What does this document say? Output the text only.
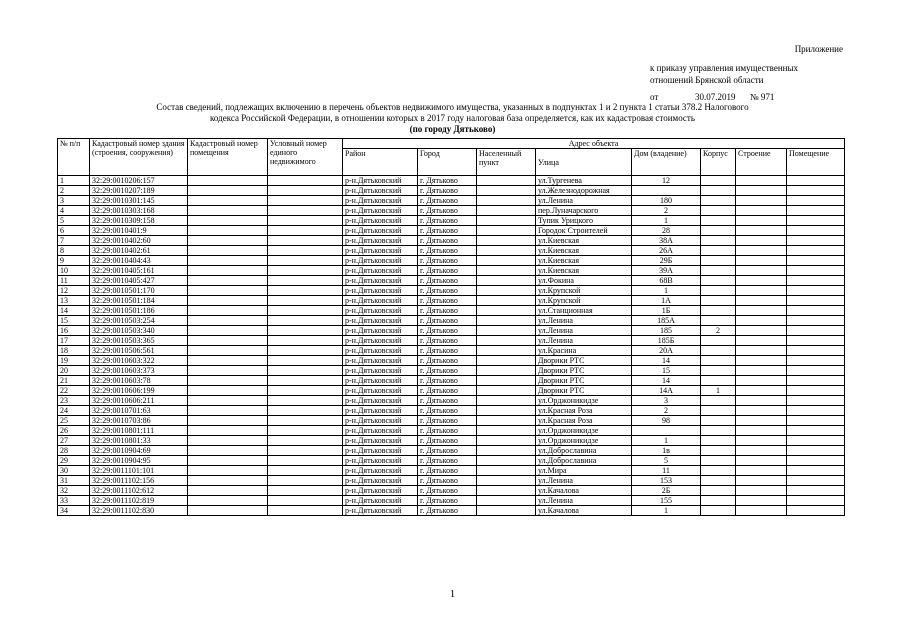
Приложение
к приказу управления имущественных
отношений Брянской области
от	30.07.2019 № 971
Состав сведений, подлежащих включению в перечень объектов недвижимого имущества, указанных в подпунктах 1 и 2 пункта 1 статьи 378.2 Налогового
кодекса Российской Федерации, в отношении которых в 2017 году налоговая база определяется, как их кадастровая стоимость
(по городу Дятьково)
№ п/п	Кадастровый номер здания (строения, сооружения)	Кадастровый номер помещения	Условный номер единого недвижимого	Адрес объекта							
				Район	Город	Населенный пункт	Улица	Дом (владение)	Корпус	Строение	Помещение
1	32:29:0010206:157			р-н.Дятьковский	г. Дятьково		ул.Тургенева	12			
2	32:29:0010207:189			р-н.Дятьковский	г. Дятьково		ул.Железнодорожная				
3	32:29:0010301:145			р-н.Дятьковский	г. Дятьково		ул.Ленина	180			
4	32:29:0010303:168			р-н.Дятьковский	г. Дятьково		пер.Луначарского	2			
5	32:29:0010309:158			р-н.Дятьковский	г. Дятьково		Тупик Урицкого	1			
6	32:29:0010401:9			р-н.Дятьковский	г. Дятьково		Городок Строителей	28			
7	32:29:0010402:60			р-н.Дятьковский	г. Дятьково		ул.Киевская	38А			
8	32:29:0010402:61			р-н.Дятьковский	г. Дятьково		ул.Киевская	26А			
9	32:29:0010404:43			р-н.Дятьковский	г. Дятьково		ул.Киевская	29Б			
10	32:29:0010405:161			р-н.Дятьковский	г. Дятьково		ул.Киевская	39А			
11	32:29:0010405:427			р-н.Дятьковский	г. Дятьково		ул.Фокина	68В			
12	32:29:0010501:170			р-н.Дятьковский	г. Дятьково		ул.Крупской	1			
13	32:29:0010501:184			р-н.Дятьковский	г. Дятьково		ул.Крупской	1А			
14	32:29:0010501:186			р-н.Дятьковский	г. Дятьково		ул.Станционная	1Б			
15	32:29:0010503:254			р-н.Дятьковский	г. Дятьково		ул.Ленина	185А			
16	32:29:0010503:340			р-н.Дятьковский	г. Дятьково		ул.Ленина	185	2		
17	32:29:0010503:365			р-н.Дятьковский	г. Дятьково		ул.Ленина	185Б			
18	32:29:0010506:561			р-н.Дятьковский	г. Дятьково		ул.Красина	20А			
19	32:29:0010603:322			р-н.Дятьковский	г. Дятьково		Дворики РТС	14			
20	32:29:0010603:373			р-н.Дятьковский	г. Дятьково		Дворики РТС	15			
21	32:29:0010603:78			р-н.Дятьковский	г. Дятьково		Дворики РТС	14			
22	32:29:0010606:199			р-н.Дятьковский	г. Дятьково		Дворики РТС	14А	1		
23	32:29:0010606:211			р-н.Дятьковский	г. Дятьково		ул.Орджоникидзе	3			
24	32:29:0010701:63			р-н.Дятьковский	г. Дятьково		ул.Красная Роза	2			
25	32:29:0010703:86			р-н.Дятьковский	г. Дятьково		ул.Красная Роза	98			
26	32:29:0010801:111			р-н.Дятьковский	г. Дятьково		ул.Орджоникидзе				
27	32:29:0010801:33			р-н.Дятьковский	г. Дятьково		ул.Орджоникидзе	1			
28	32:29:0010904:69			р-н.Дятьковский	г. Дятьково		ул.Доброславина	1в			
29	32:29:0010904:95			р-н.Дятьковский	г. Дятьково		ул.Доброславина	5			
30	32:29:0011101:101			р-н.Дятьковский	г. Дятьково		ул.Мира	11			
31	32:29:0011102:156			р-н.Дятьковский	г. Дятьково		ул.Ленина	153			
32	32:29:0011102:612			р-н.Дятьковский	г. Дятьково		ул.Качалова	2Б			
33	32:29:0011102:819			р-н.Дятьковский	г. Дятьково		ул.Ленина	155			
34	32:29:0011102:830			р-н.Дятьковский	г. Дятьково		ул.Качалова	1			
1
